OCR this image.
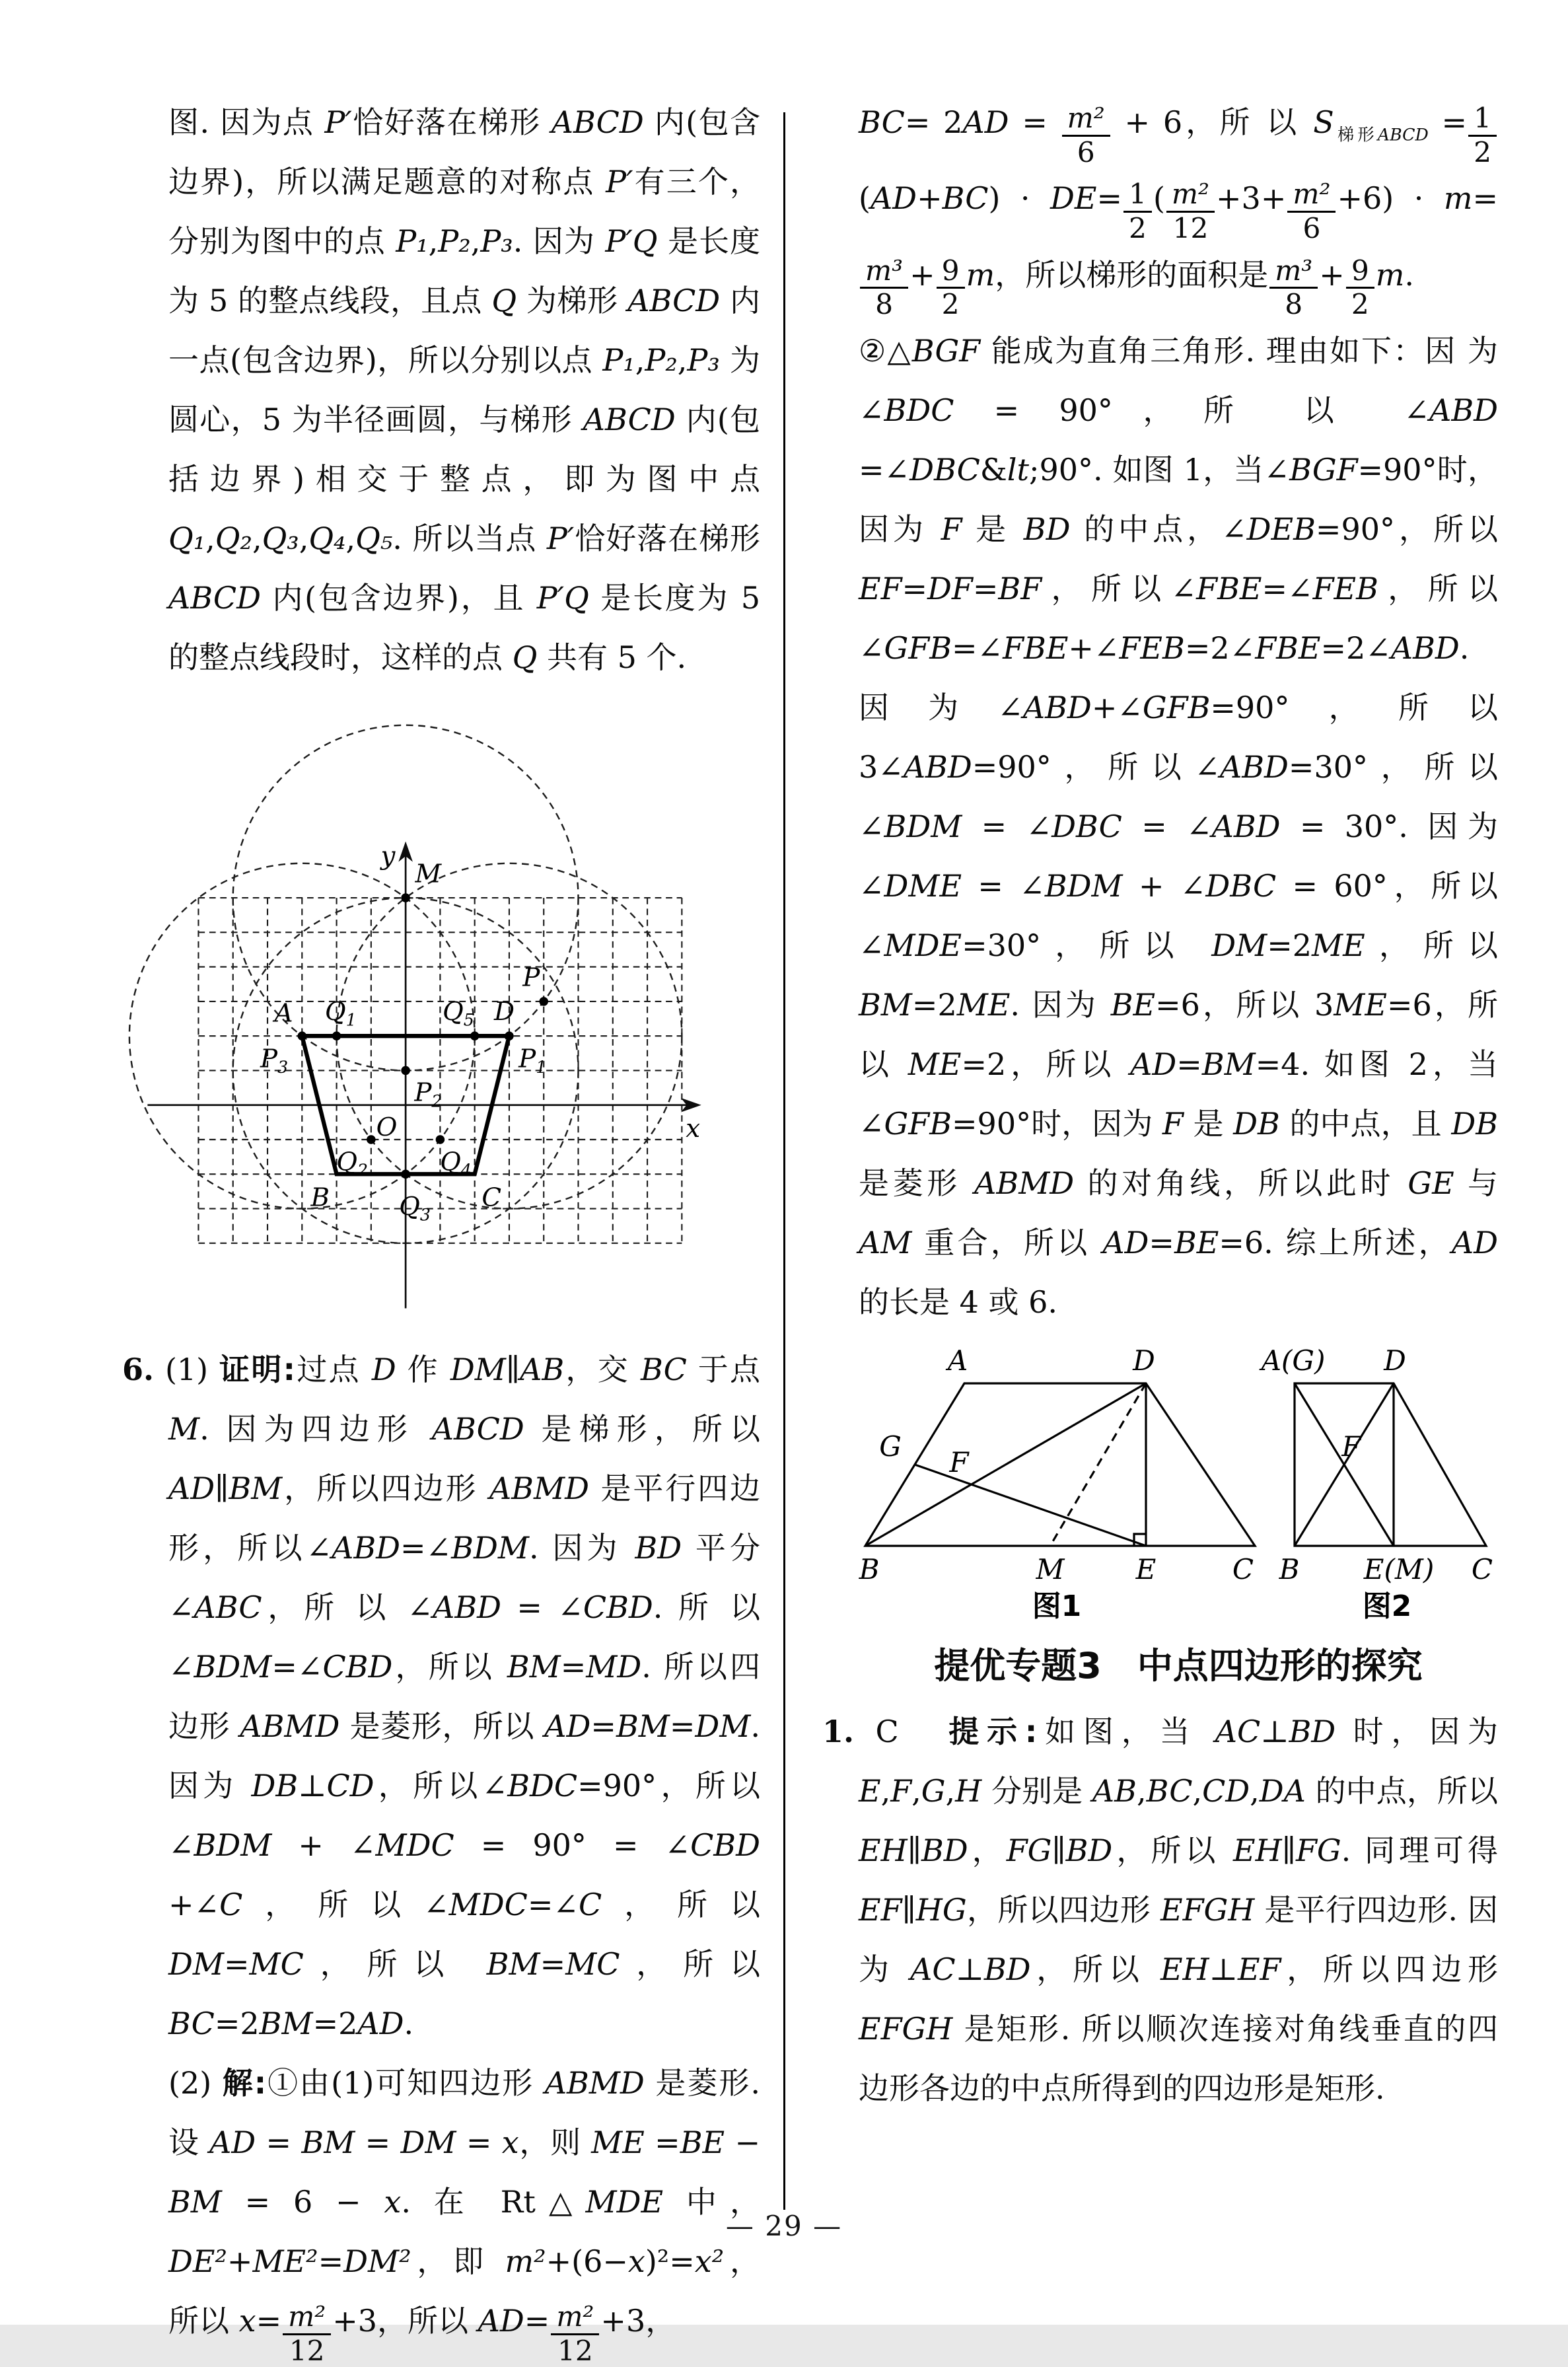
图. 因为点 P′恰好落在梯形 ABCD 内(包含边界)，所以满足题意的对称点 P′有三个，分别为图中的点 P₁,P₂,P₃. 因为 P′Q 是长度为 5 的整点线段，且点 Q 为梯形 ABCD 内一点(包含边界)，所以分别以点 P₁,P₂,P₃ 为圆心，5 为半径画圆，与梯形 ABCD 内(包括边界)相交于整点，即为图中点 Q₁,Q₂,Q₃,Q₄,Q₅. 所以当点 P′恰好落在梯形 ABCD 内(包含边界)，且 P′Q 是长度为 5 的整点线段时，这样的点 Q 共有 5 个.

y
M
P
A $Q_1$	$Q_5$ D
$P_3$	$P_1$
$P_2$
O	x
$Q_2$	$Q_4$
B	$Q_3$
C

6. (1) 证明:过点 D 作 DM∥AB，交 BC 于点 M. 因为四边形 ABCD 是梯形，所以 AD∥BM，所以四边形 ABMD 是平行四边形，所以∠ABD=∠BDM. 因为 BD 平分∠ABC，所 以 ∠ABD = ∠CBD. 所 以∠BDM=∠CBD，所以 BM=MD. 所以四边形 ABMD 是菱形，所以 AD=BM=DM. 因为 DB⊥CD，所以∠BDC=90°，所以∠BDM + ∠MDC = 90° = ∠CBD +∠C，所以∠MDC=∠C，所以 DM=MC，所以 BM=MC，所以 BC=2BM=2AD.

(2) 解:①由(1)可知四边形 ABMD 是菱形. 设 AD = BM = DM = x，则 ME =BE − BM = 6 − x. 在 Rt△MDE 中，DE²+ME²=DM²，即 m²+(6−x)²=x²，所以 $x= \frac{\text{m²}}{12} +3$，所以 $AD= \frac{\text{m²}}{12} +3$，

$BC= 2AD = \frac{\text{m²}}{6} + 6$，所 以 $S_{梯形ABCD} = \frac{1}{2}$
$(AD+BC) \cdot DE= \frac{1}{2}$ ( $\frac{\text{m²}}{12} +3+ \frac{\text{m²}}{6} +6) \cdot m=$
$\frac{\text{m³}}{8} + \frac{9}{2}$ m，所以梯形的面积是 $\frac{\text{m³}}{8} + \frac{9}{2} m$.

②△BGF 能成为直角三角形. 理由如下：因 为 ∠BDC = 90°，所 以 ∠ABD =∠DBC&lt;90°. 如图 1，当∠BGF=90°时，因为 F 是 BD 的中点，∠DEB=90°，所以 EF=DF=BF，所以∠FBE=∠FEB，所以∠GFB=∠FBE+∠FEB=2∠FBE=2∠ABD. 因为∠ABD+∠GFB=90°，所以 3∠ABD=90°，所以∠ABD=30°，所以∠BDM = ∠DBC = ∠ABD = 30°. 因为∠DME = ∠BDM + ∠DBC = 60°，所以∠MDE=30°，所以 DM=2ME，所以 BM=2ME. 因为 BE=6，所以 3ME=6，所以 ME=2，所以 AD=BM=4. 如图 2，当∠GFB=90°时，因为 F 是 DB 的中点，且 DB 是菱形 ABMD 的对角线，所以此时 GE 与 AM 重合，所以 AD=BE=6. 综上所述，AD 的长是 4 或 6.

A	D
G F
B	M	E	C
图1
A(G) D
F
B E(M) C
图2
提优专题3　中点四边形的探究

1. C　 提示:如图，当 AC⊥BD 时，因为 E,F,G,H 分别是 AB,BC,CD,DA 的中点，所以 EH∥BD，FG∥BD，所以 EH∥FG. 同理可得 EF∥HG，所以四边形 EFGH 是平行四边形. 因为 AC⊥BD，所以 EH⊥EF，所以四边形 EFGH 是矩形. 所以顺次连接对角线垂直的四边形各边的中点所得到的四边形是矩形.

— 29 —
